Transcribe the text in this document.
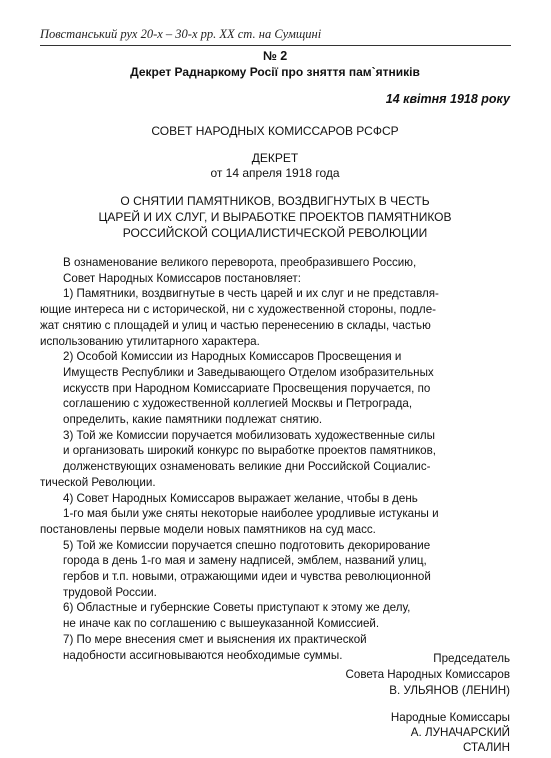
Повстанський рух 20-х – 30-х рр. XX ст. на Сумщині
№ 2
Декрет Раднаркому Росії про зняття пам`ятників
14 квітня 1918 року
СОВЕТ НАРОДНЫХ КОМИССАРОВ РСФСР
ДЕКРЕТ
от 14 апреля 1918 года
О СНЯТИИ ПАМЯТНИКОВ, ВОЗДВИГНУТЫХ В ЧЕСТЬ
ЦАРЕЙ И ИХ СЛУГ, И ВЫРАБОТКЕ ПРОЕКТОВ ПАМЯТНИКОВ
РОССИЙСКОЙ СОЦИАЛИСТИЧЕСКОЙ РЕВОЛЮЦИИ
В ознаменование великого переворота, преобразившего Россию,
Совет Народных Комиссаров постановляет:
1) Памятники, воздвигнутые в честь царей и их слуг и не представля-
ющие интереса ни с исторической, ни с художественной стороны, подле-
жат снятию с площадей и улиц и частью перенесению в склады, частью
использованию утилитарного характера.
2) Особой Комиссии из Народных Комиссаров Просвещения и
Имуществ Республики и Заведывающего Отделом изобразительных
искусств при Народном Комиссариате Просвещения поручается, по
соглашению с художественной коллегией Москвы и Петрограда,
определить, какие памятники подлежат снятию.
3) Той же Комиссии поручается мобилизовать художественные силы
и организовать широкий конкурс по выработке проектов памятников,
долженствующих ознаменовать великие дни Российской Социалис-
тической Революции.
4) Совет Народных Комиссаров выражает желание, чтобы в день
1-го мая были уже сняты некоторые наиболее уродливые истуканы и
постановлены первые модели новых памятников на суд масс.
5) Той же Комиссии поручается спешно подготовить декорирование
города в день 1-го мая и замену надписей, эмблем, названий улиц,
гербов и т.п. новыми, отражающими идеи и чувства революционной
трудовой России.
6) Областные и губернские Советы приступают к этому же делу,
не иначе как по соглашению с вышеуказанной Комиссией.
7) По мере внесения смет и выяснения их практической
надобности ассигновываются необходимые суммы.	Председатель
Совета Народных Комиссаров
В. УЛЬЯНОВ (ЛЕНИН)
Народные Комиссары
А. ЛУНАЧАРСКИЙ
СТАЛИН
